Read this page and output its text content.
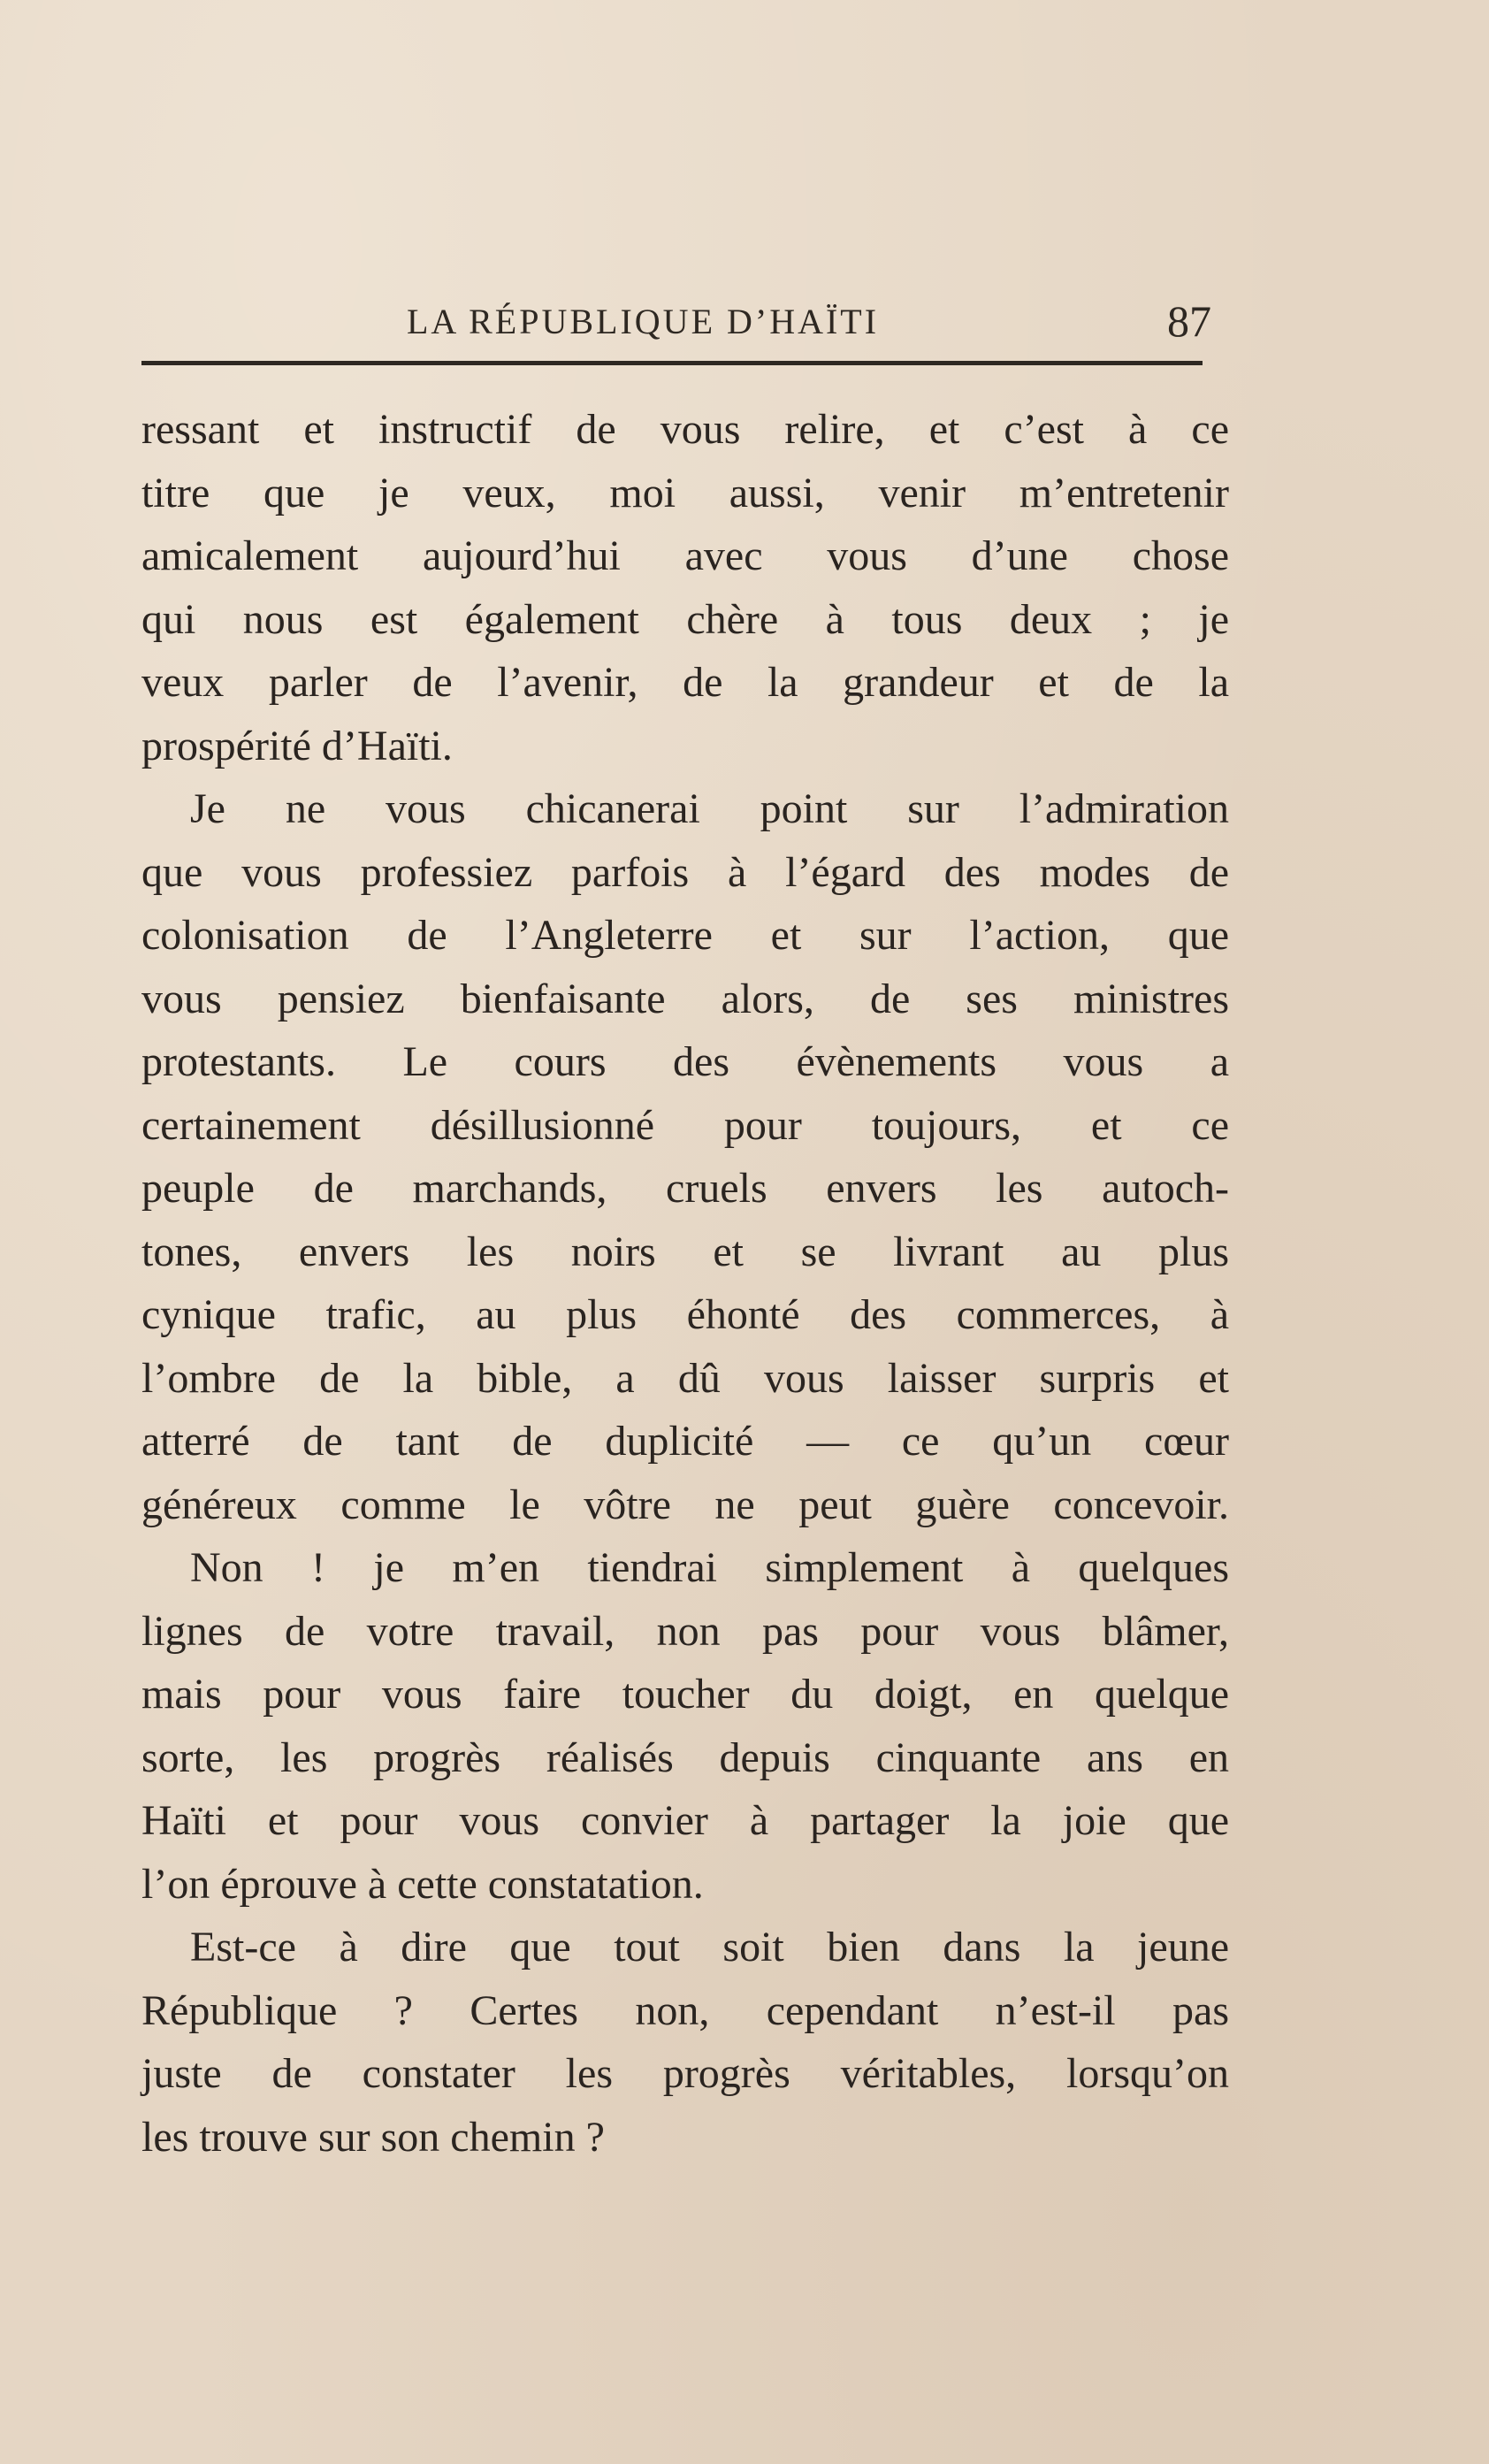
LA RÉPUBLIQUE D’HAÏTI	87
ressant et instructif de vous relire, et c’est à ce
titre que je veux, moi aussi, venir m’entretenir
amicalement aujourd’hui avec vous d’une chose
qui nous est également chère à tous deux ; je
veux parler de l’avenir, de la grandeur et de la
prospérité d’Haïti.
Je ne vous chicanerai point sur l’admiration
que vous professiez parfois à l’égard des modes de
colonisation de l’Angleterre et sur l’action, que
vous pensiez bienfaisante alors, de ses ministres
protestants. Le cours des évènements vous a
certainement désillusionné pour toujours, et ce
peuple de marchands, cruels envers les autoch-
tones, envers les noirs et se livrant au plus
cynique trafic, au plus éhonté des commerces, à
l’ombre de la bible, a dû vous laisser surpris et
atterré de tant de duplicité — ce qu’un cœur
généreux comme le vôtre ne peut guère concevoir.
Non ! je m’en tiendrai simplement à quelques
lignes de votre travail, non pas pour vous blâmer,
mais pour vous faire toucher du doigt, en quelque
sorte, les progrès réalisés depuis cinquante ans en
Haïti et pour vous convier à partager la joie que
l’on éprouve à cette constatation.
Est-ce à dire que tout soit bien dans la jeune
République ? Certes non, cependant n’est-il pas
juste de constater les progrès véritables, lorsqu’on
les trouve sur son chemin ?
